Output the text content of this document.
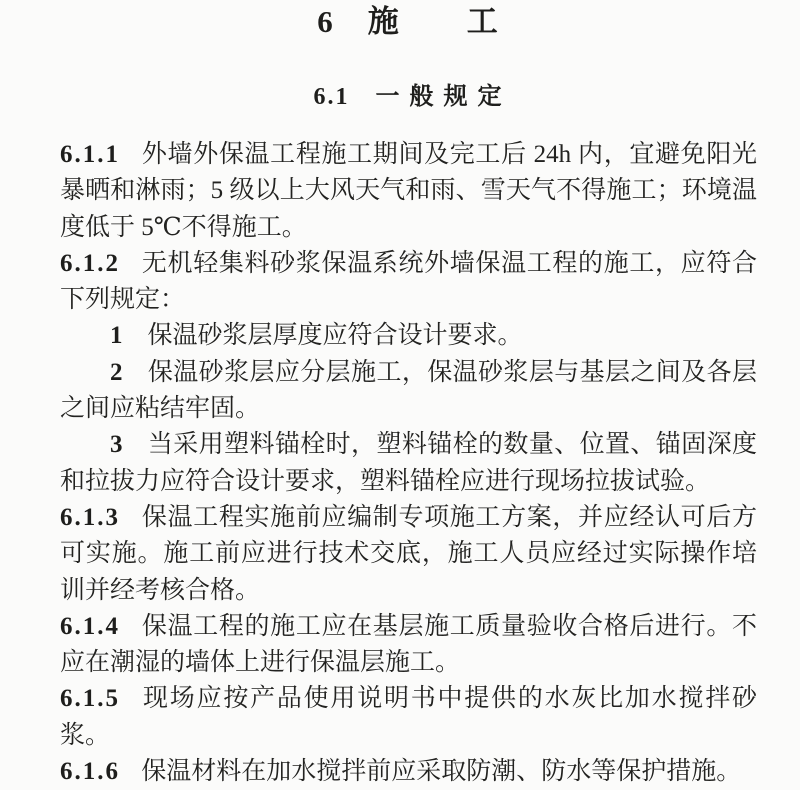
6　施　　工
6.1　一 般 规 定

6.1.1 外墙外保温工程施工期间及完工后 24h 内，宜避免阳光暴晒和淋雨；5 级以上大风天气和雨、雪天气不得施工；环境温度低于 5℃不得施工。

6.1.2 无机轻集料砂浆保温系统外墙保温工程的施工，应符合下列规定：

1 保温砂浆层厚度应符合设计要求。

2 保温砂浆层应分层施工，保温砂浆层与基层之间及各层之间应粘结牢固。

3 当采用塑料锚栓时，塑料锚栓的数量、位置、锚固深度和拉拔力应符合设计要求，塑料锚栓应进行现场拉拔试验。

6.1.3 保温工程实施前应编制专项施工方案，并应经认可后方可实施。施工前应进行技术交底，施工人员应经过实际操作培训并经考核合格。

6.1.4 保温工程的施工应在基层施工质量验收合格后进行。不应在潮湿的墙体上进行保温层施工。

6.1.5 现场应按产品使用说明书中提供的水灰比加水搅拌砂浆。

6.1.6 保温材料在加水搅拌前应采取防潮、防水等保护措施。
